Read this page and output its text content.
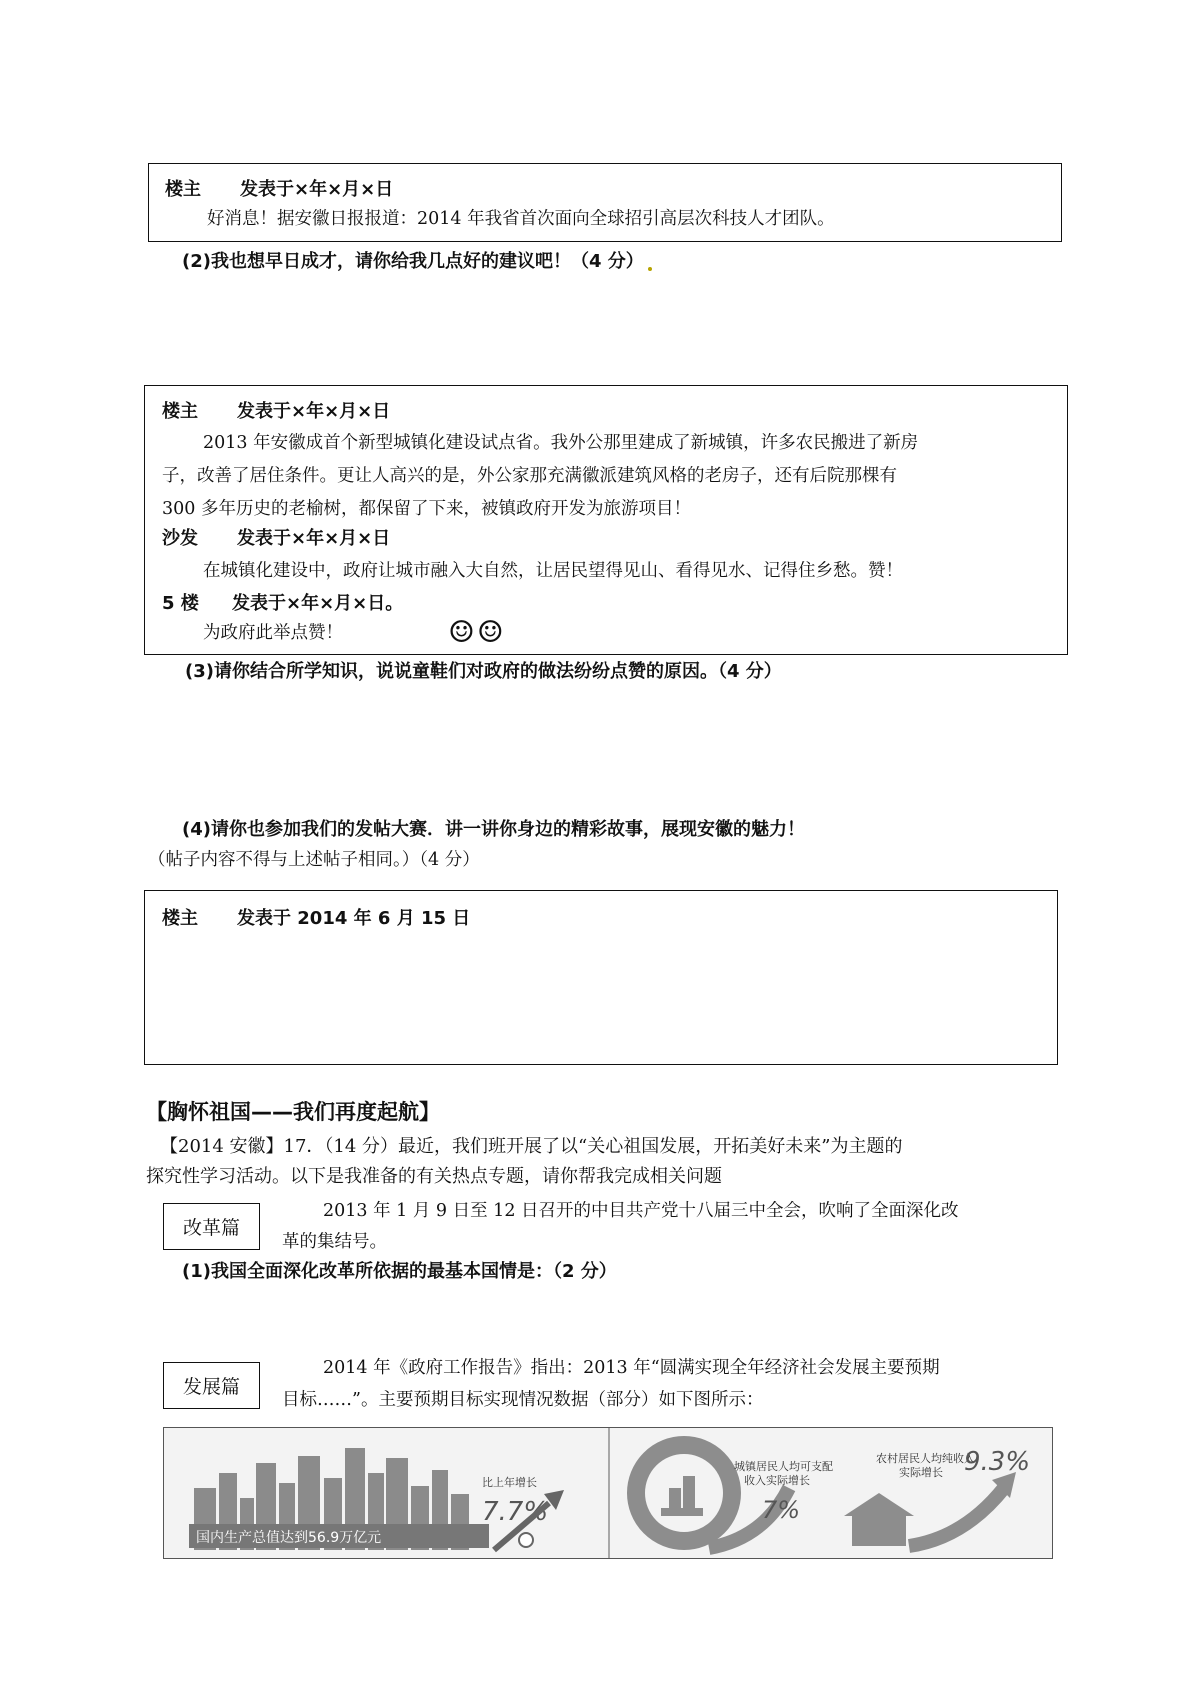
楼主 发表于×年×月×日
好消息！据安徽日报报道：2014 年我省首次面向全球招引高层次科技人才团队。
(2)我也想早日成才，请你给我几点好的建议吧！（4 分）
楼主 发表于×年×月×日
2013 年安徽成首个新型城镇化建设试点省。我外公那里建成了新城镇，许多农民搬进了新房
子，改善了居住条件。更让人高兴的是，外公家那充满徽派建筑风格的老房子，还有后院那棵有
300 多年历史的老榆树，都保留了下来，被镇政府开发为旅游项目！
沙发 发表于×年×月×日
在城镇化建设中，政府让城市融入大自然，让居民望得见山、看得见水、记得住乡愁。赞！
5 楼 发表于×年×月×日。
为政府此举点赞！	☺☺
(3)请你结合所学知识，说说童鞋们对政府的做法纷纷点赞的原因。（4 分）
(4)请你也参加我们的发帖大赛．讲一讲你身边的精彩故事，展现安徽的魅力！
（帖子内容不得与上述帖子相同。）（4 分）
楼主 发表于 2014 年 6 月 15 日
【胸怀祖国——我们再度起航】
【2014 安徽】17．（14 分）最近，我们班开展了以“关心祖国发展，开拓美好未来”为主题的
探究性学习活动。以下是我准备的有关热点专题，请你帮我完成相关问题
改革篇
2013 年 1 月 9 日至 12 日召开的中目共产党十八届三中全会，吹响了全面深化改
革的集结号。
(1)我国全面深化改革所依据的最基本国情是：（2 分）
发展篇
2014 年《政府工作报告》指出：2013 年“圆满实现全年经济社会发展主要预期
目标……”。主要预期目标实现情况数据（部分）如下图所示：
国内生产总值达到56.9万亿元
比上年增长
7.7%
城镇居民人均可支配
收入实际增长
7%
农村居民人均纯收入
实际增长 9.3%
